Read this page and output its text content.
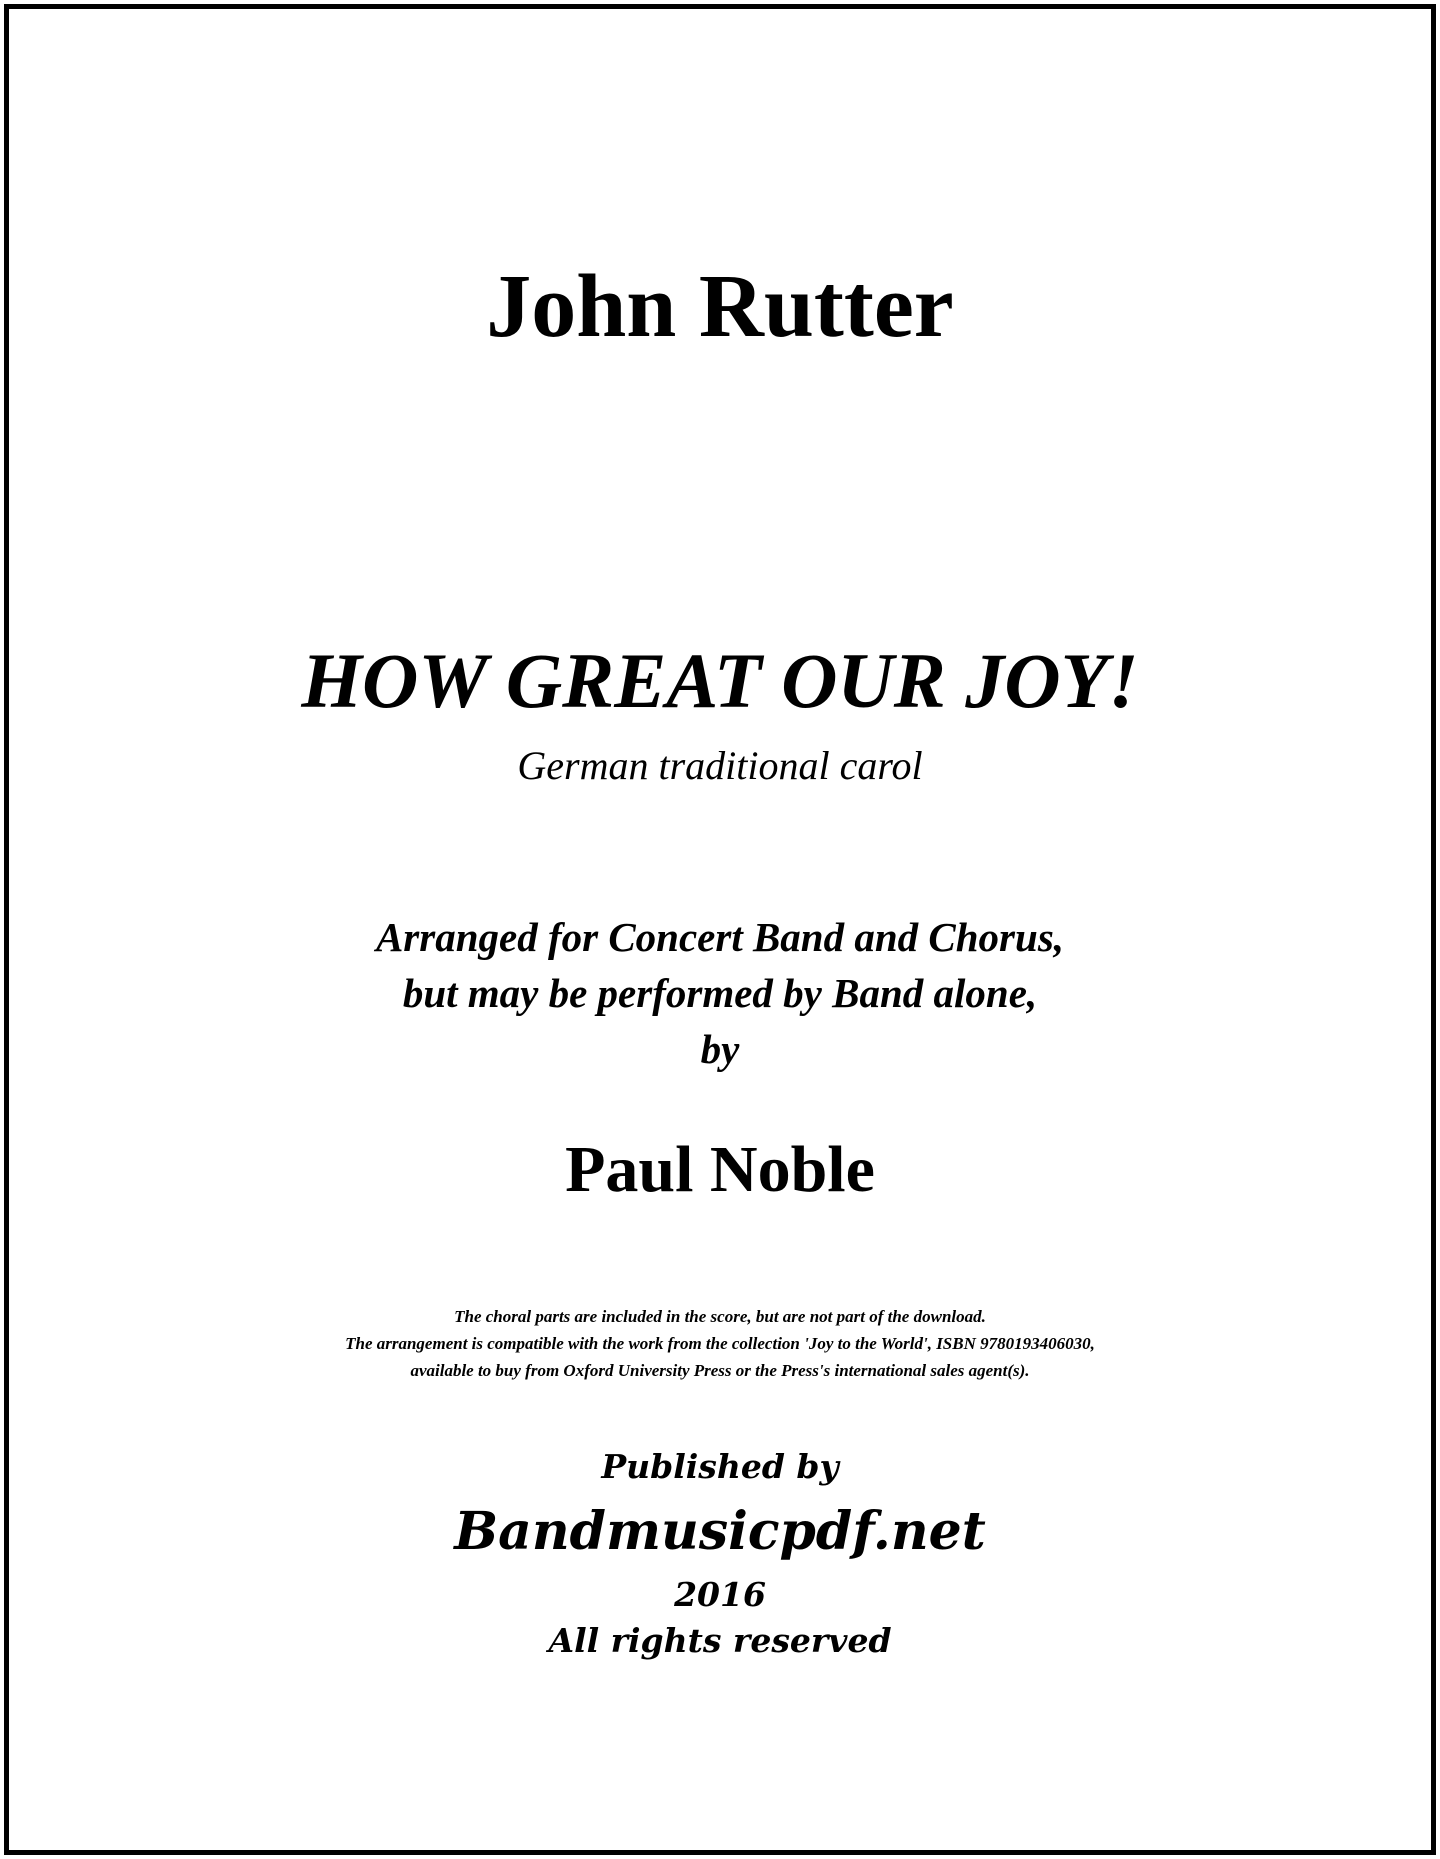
John Rutter
HOW GREAT OUR JOY!
German traditional carol
Arranged for Concert Band and Chorus,
but may be performed by Band alone,
by
Paul Noble
The choral parts are included in the score, but are not part of the download.
The arrangement is compatible with the work from the collection 'Joy to the World', ISBN 9780193406030,
available to buy from Oxford University Press or the Press's international sales agent(s).
Published by
Bandmusicpdf.net
2016
All rights reserved
